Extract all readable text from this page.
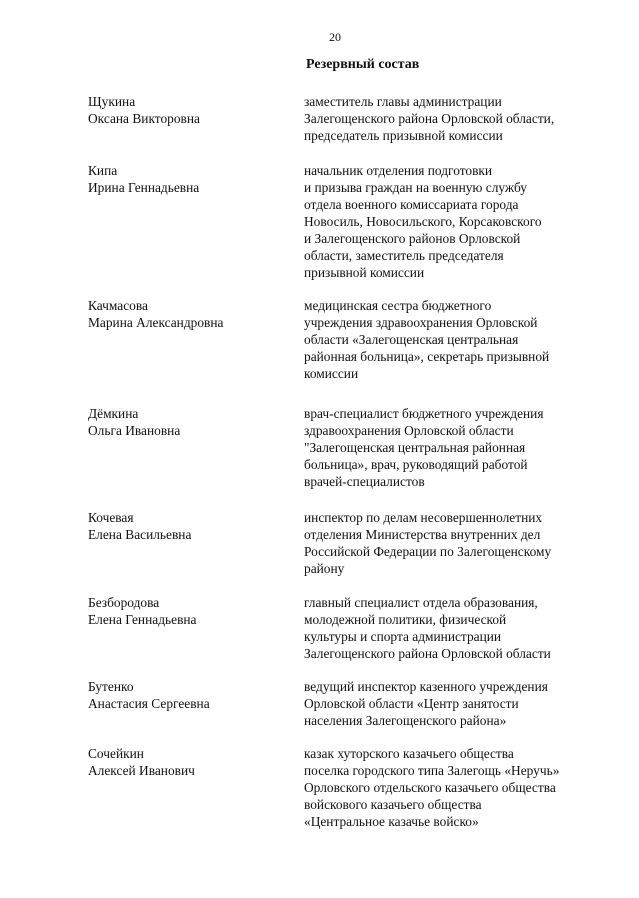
20
Резервный состав
Щукина
Оксана Викторовна
заместитель главы администрации
Залегощенского района Орловской области,
председатель призывной комиссии
Кипа
Ирина Геннадьевна
начальник отделения подготовки
и призыва граждан на военную службу
отдела военного комиссариата города
Новосиль, Новосильского, Корсаковского
и Залегощенского районов Орловской
области, заместитель председателя
призывной комиссии
Качмасова
Марина Александровна
медицинская сестра бюджетного
учреждения здравоохранения Орловской
области «Залегощенская центральная
районная больница», секретарь призывной
комиссии
Дёмкина
Ольга Ивановна
врач-специалист бюджетного учреждения
здравоохранения Орловской области
"Залегощенская центральная районная
больница», врач, руководящий работой
врачей-специалистов
Кочевая
Елена Васильевна
инспектор по делам несовершеннолетних
отделения Министерства внутренних дел
Российской Федерации по Залегощенскому
району
Безбородова
Елена Геннадьевна
главный специалист отдела образования,
молодежной политики, физической
культуры и спорта администрации
Залегощенского района Орловской области
Бутенко
Анастасия Сергеевна
ведущий инспектор казенного учреждения
Орловской области «Центр занятости
населения Залегощенского района»
Сочейкин
Алексей Иванович
казак хуторского казачьего общества
поселка городского типа Залегощь «Неручь»
Орловского отдельского казачьего общества
войскового казачьего общества
«Центральное казачье войско»
